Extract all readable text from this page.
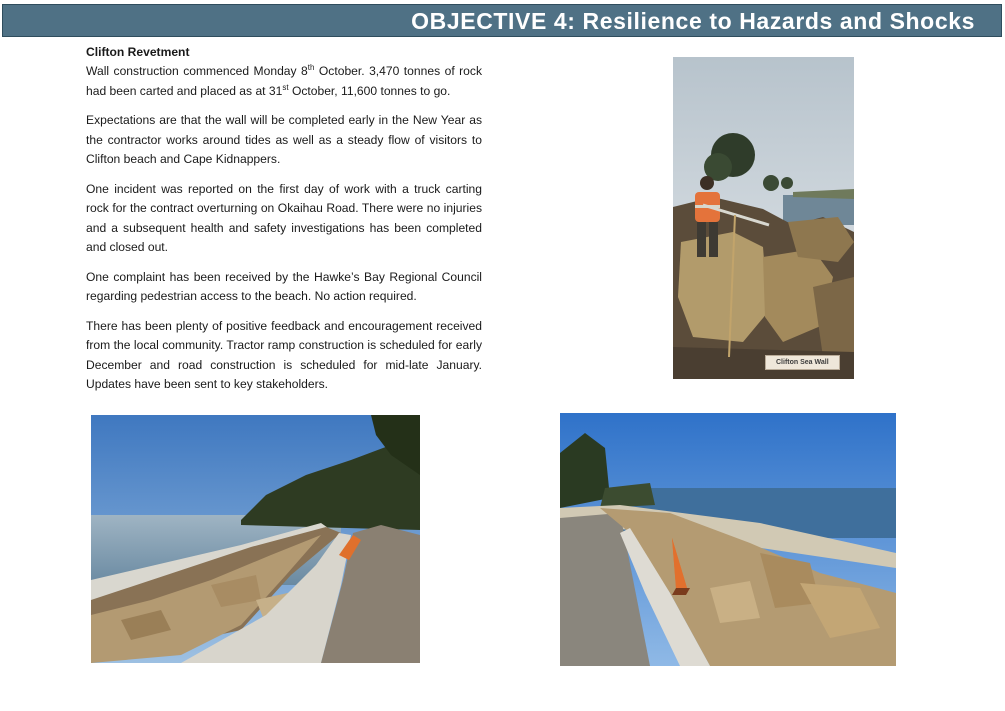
OBJECTIVE 4: Resilience to Hazards and Shocks

Clifton Revetment

Wall construction commenced Monday 8th October. 3,470 tonnes of rock had been carted and placed as at 31st October, 11,600 tonnes to go.

Expectations are that the wall will be completed early in the New Year as the contractor works around tides as well as a steady flow of visitors to Clifton beach and Cape Kidnappers.

One incident was reported on the first day of work with a truck carting rock for the contract overturning on Okaihau Road. There were no injuries and a subsequent health and safety investigations has been completed and closed out.

One complaint has been received by the Hawke’s Bay Regional Council regarding pedestrian access to the beach. No action required.

There has been plenty of positive feedback and encouragement received from the local community. Tractor ramp construction is scheduled for early December and road construction is scheduled for mid-late January. Updates have been sent to key stakeholders.

Clifton Sea Wall
